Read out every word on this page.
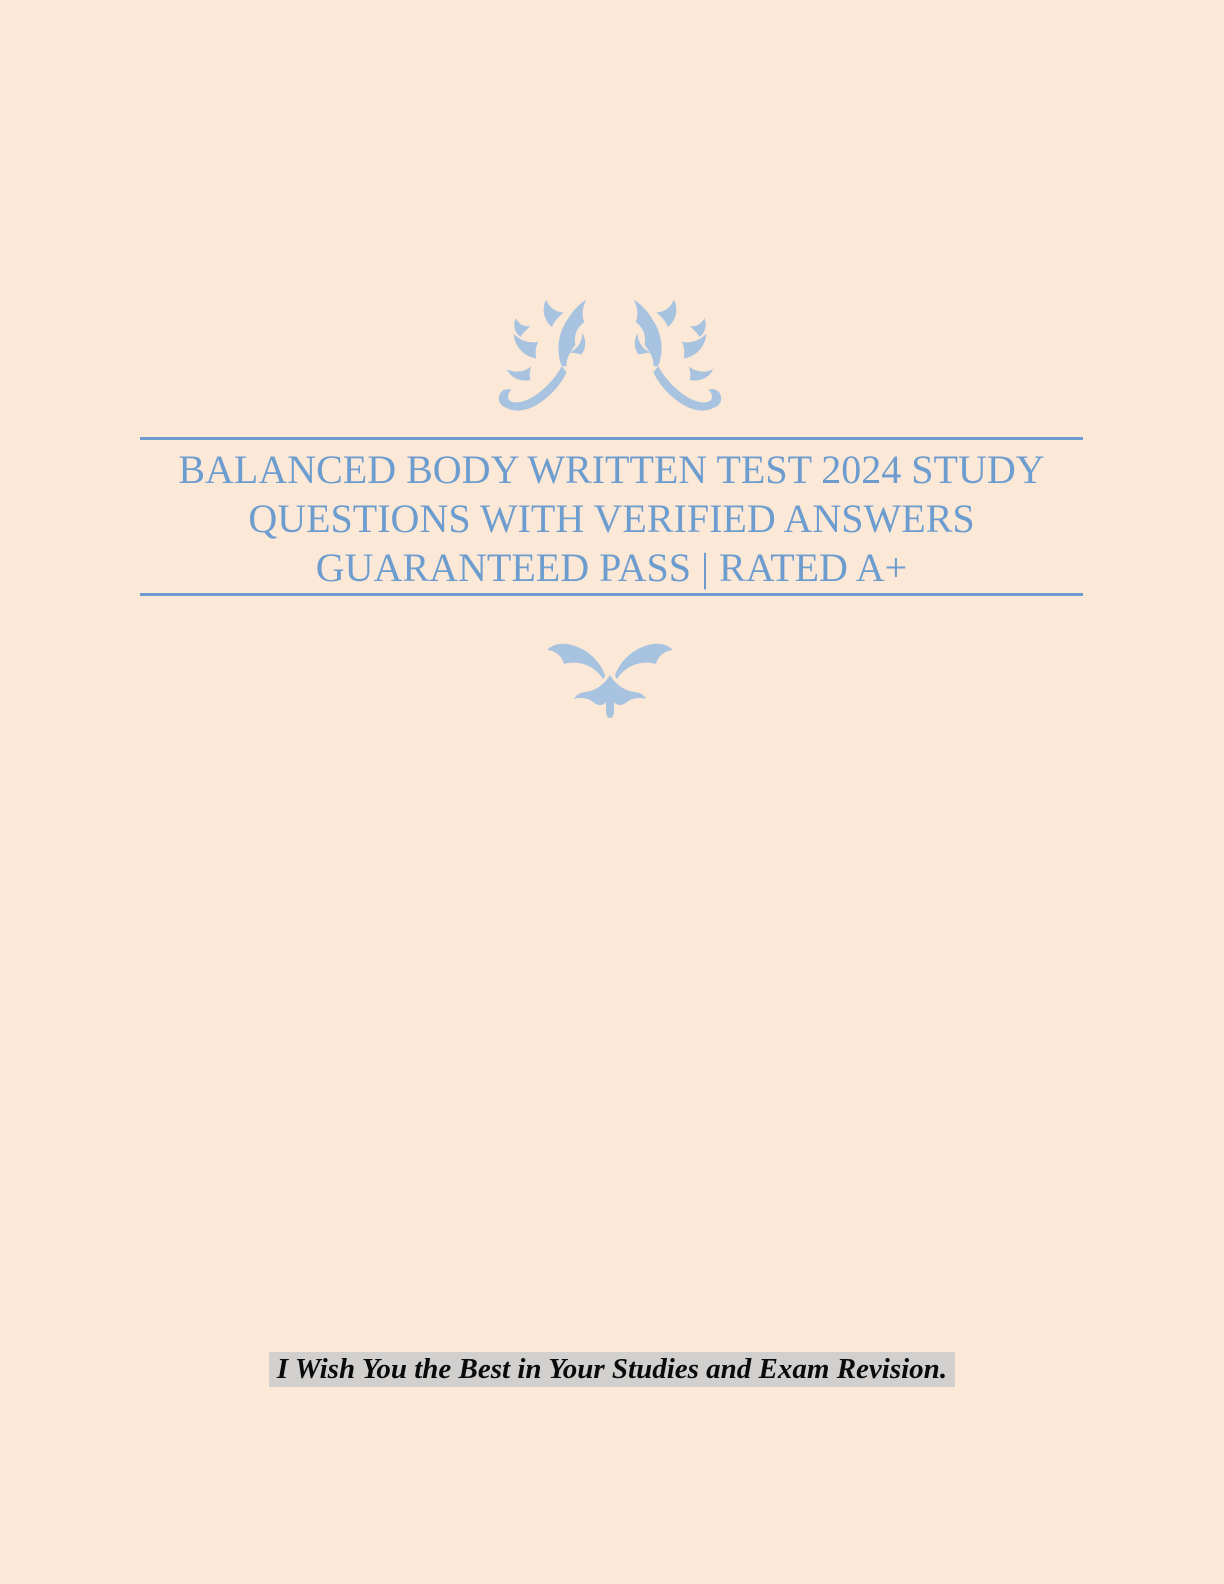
BALANCED BODY WRITTEN TEST 2024 STUDY
QUESTIONS WITH VERIFIED ANSWERS
GUARANTEED PASS | RATED A+
I Wish You the Best in Your Studies and Exam Revision.
